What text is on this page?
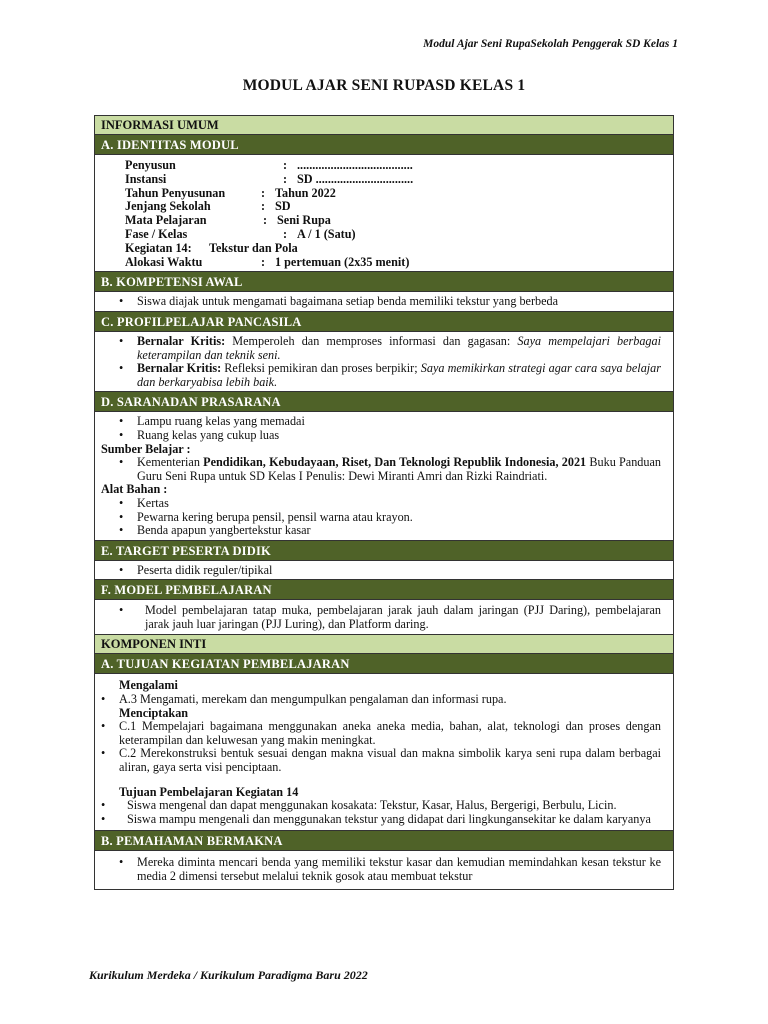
Modul Ajar Seni RupaSekolah Penggerak SD Kelas 1
MODUL AJAR SENI RUPASD KELAS 1
INFORMASI UMUM
A. IDENTITAS MODUL
Penyusun	: ......................................
Instansi	: SD ................................
Tahun Penyusunan	: Tahun 2022
Jenjang Sekolah	: SD
Mata Pelajaran	: Seni Rupa
Fase / Kelas	: A / 1 (Satu)
Kegiatan 14:	Tekstur dan Pola
Alokasi Waktu	: 1 pertemuan (2x35 menit)
B. KOMPETENSI AWAL
•	Siswa diajak untuk mengamati bagaimana setiap benda memiliki tekstur yang berbeda
C. PROFILPELAJAR PANCASILA
•	Bernalar Kritis: Memperoleh dan memproses informasi dan gagasan: Saya mempelajari berbagai keterampilan dan teknik seni.
•	Bernalar Kritis: Refleksi pemikiran dan proses berpikir; Saya memikirkan strategi agar cara saya belajar dan berkaryabisa lebih baik.
D. SARANADAN PRASARANA
•	Lampu ruang kelas yang memadai
•	Ruang kelas yang cukup luas
Sumber Belajar :
•	Kementerian Pendidikan, Kebudayaan, Riset, Dan Teknologi Republik Indonesia, 2021 Buku Panduan Guru Seni Rupa untuk SD Kelas I Penulis: Dewi Miranti Amri dan Rizki Raindriati.
Alat Bahan :
•	Kertas
•	Pewarna kering berupa pensil, pensil warna atau krayon.
•	Benda apapun yangbertekstur kasar
E. TARGET PESERTA DIDIK
•	Peserta didik reguler/tipikal
F. MODEL PEMBELAJARAN
•	Model pembelajaran tatap muka, pembelajaran jarak jauh dalam jaringan (PJJ Daring), pembelajaran jarak jauh luar jaringan (PJJ Luring), dan Platform daring.
KOMPONEN INTI
A. TUJUAN KEGIATAN PEMBELAJARAN
Mengalami
•	A.3 Mengamati, merekam dan mengumpulkan pengalaman dan informasi rupa.
Menciptakan
•	C.1 Mempelajari bagaimana menggunakan aneka aneka media, bahan, alat, teknologi dan proses dengan keterampilan dan keluwesan yang makin meningkat.
•	C.2 Merekonstruksi bentuk sesuai dengan makna visual dan makna simbolik karya seni rupa dalam berbagai aliran, gaya serta visi penciptaan.
Tujuan Pembelajaran Kegiatan 14
•	Siswa mengenal dan dapat menggunakan kosakata: Tekstur, Kasar, Halus, Bergerigi, Berbulu, Licin.
•	Siswa mampu mengenali dan menggunakan tekstur yang didapat dari lingkungansekitar ke dalam karyanya
B. PEMAHAMAN BERMAKNA
•	Mereka diminta mencari benda yang memiliki tekstur kasar dan kemudian memindahkan kesan tekstur ke media 2 dimensi tersebut melalui teknik gosok atau membuat tekstur
Kurikulum Merdeka / Kurikulum Paradigma Baru 2022
